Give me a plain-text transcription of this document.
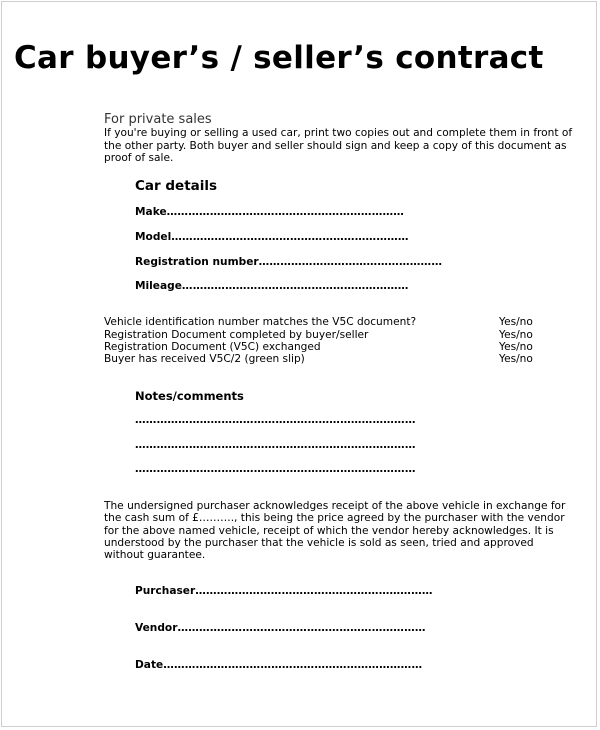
Car buyer’s / seller’s contract

For private sales

If you're buying or selling a used car, print two copies out and complete them in front of the other party. Both buyer and seller should sign and keep a copy of this document as proof of sale.

Car details
Make…………………………………………………………
Model…………………………………………………………
Registration number……………………………………………
Mileage………………………………………………………
Vehicle identification number matches the V5C document?	Yes/no
Registration Document completed by buyer/seller	Yes/no
Registration Document (V5C) exchanged	Yes/no
Buyer has received V5C/2 (green slip)	Yes/no
Notes/comments
……………………………………………………………………
……………………………………………………………………
……………………………………………………………………

The undersigned purchaser acknowledges receipt of the above vehicle in exchange for the cash sum of £………., this being the price agreed by the purchaser with the vendor for the above named vehicle, receipt of which the vendor hereby acknowledges. It is understood by the purchaser that the vehicle is sold as seen, tried and approved without guarantee.

Purchaser…………………………………………………………
Vendor……………………………………………………………
Date………………………………………………………………
